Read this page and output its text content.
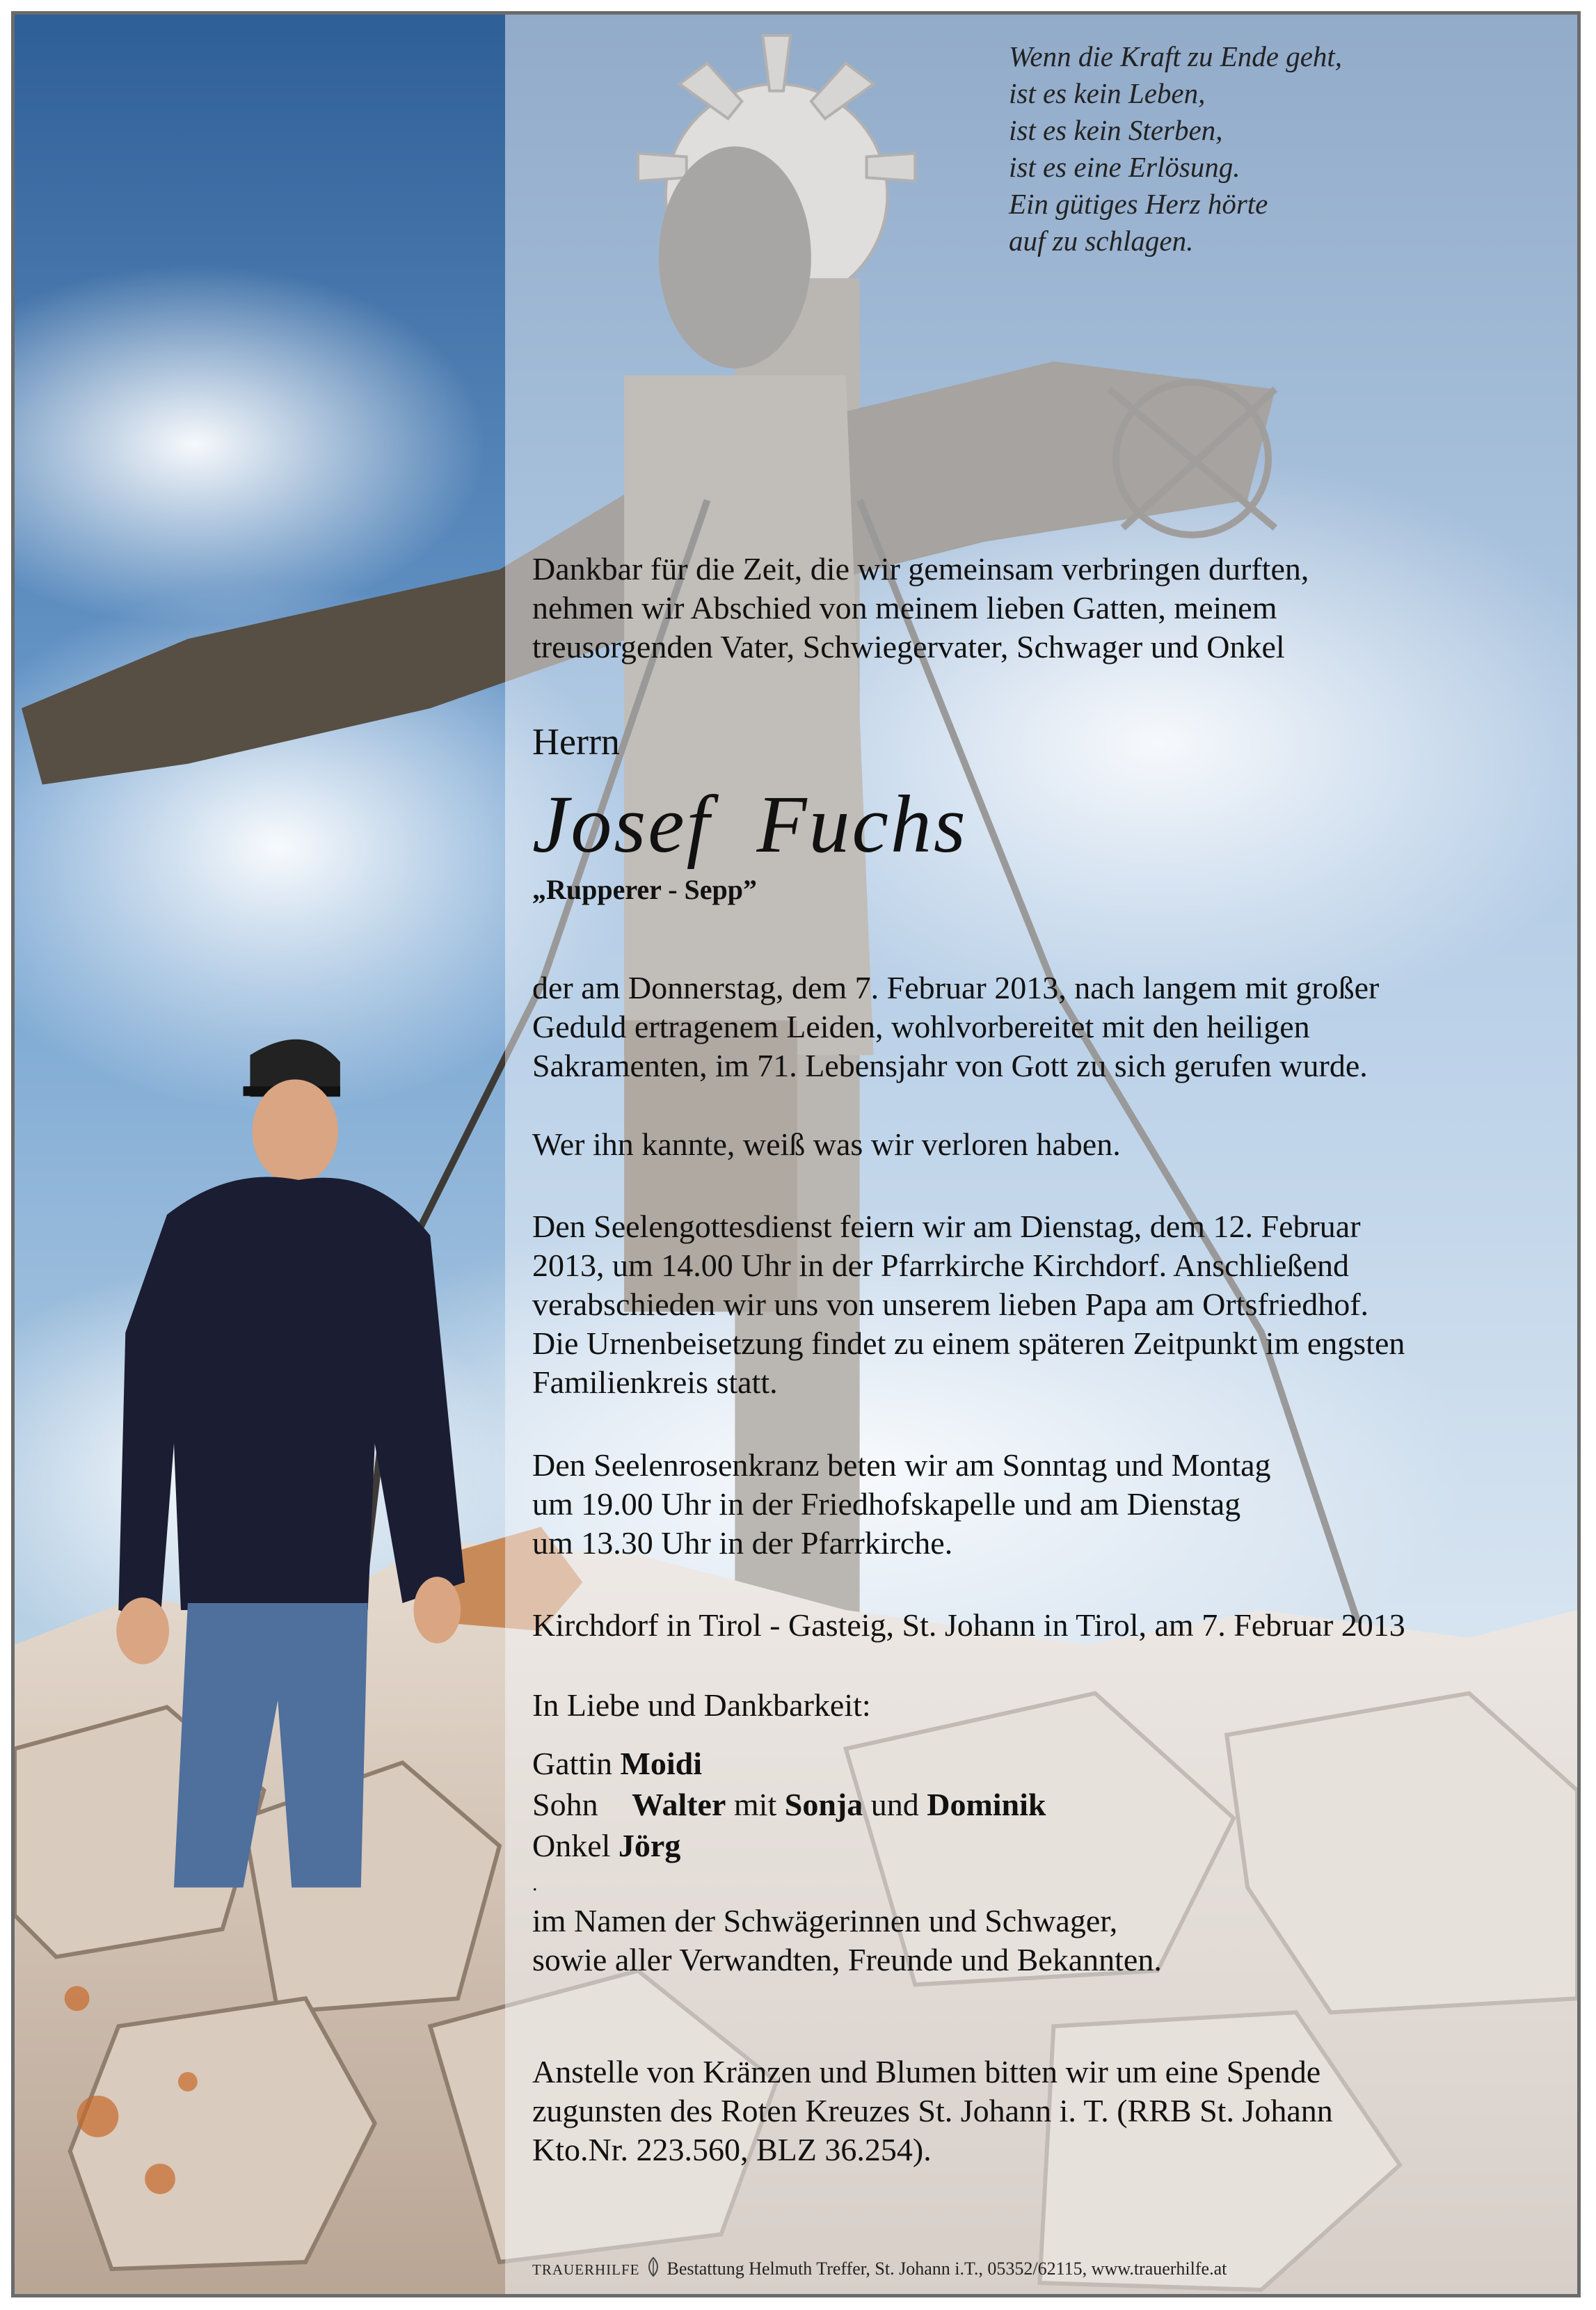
Wenn die Kraft zu Ende geht,
ist es kein Leben,
ist es kein Sterben,
ist es eine Erlösung.
Ein gütiges Herz hörte
auf zu schlagen.

Dankbar für die Zeit, die wir gemeinsam verbringen durften,
nehmen wir Abschied von meinem lieben Gatten, meinem
treusorgenden Vater, Schwiegervater, Schwager und Onkel

Herrn
Josef  Fuchs
„Rupperer - Sepp”

der am Donnerstag, dem 7. Februar 2013, nach langem mit großer
Geduld ertragenem Leiden, wohlvorbereitet mit den heiligen
Sakramenten, im 71. Lebensjahr von Gott zu sich gerufen wurde.

Wer ihn kannte, weiß was wir verloren haben.

Den Seelengottesdienst feiern wir am Dienstag, dem 12. Februar
2013, um 14.00 Uhr in der Pfarrkirche Kirchdorf. Anschließend
verabschieden wir uns von unserem lieben Papa am Ortsfriedhof.
Die Urnenbeisetzung findet zu einem späteren Zeitpunkt im engsten
Familienkreis statt.

Den Seelenrosenkranz beten wir am Sonntag und Montag
um 19.00 Uhr in der Friedhofskapelle und am Dienstag
um 13.30 Uhr in der Pfarrkirche.

Kirchdorf in Tirol - Gasteig, St. Johann in Tirol, am 7. Februar 2013

In Liebe und Dankbarkeit:

Gattin Moidi
Sohn Walter mit Sonja und Dominik
Onkel Jörg
.

im Namen der Schwägerinnen und Schwager,
sowie aller Verwandten, Freunde und Bekannten.

Anstelle von Kränzen und Blumen bitten wir um eine Spende
zugunsten des Roten Kreuzes St. Johann i. T. (RRB St. Johann
Kto.Nr. 223.560, BLZ 36.254).

TRAUERHILFE Bestattung Helmuth Treffer, St. Johann i.T., 05352/62115, www.trauerhilfe.at
